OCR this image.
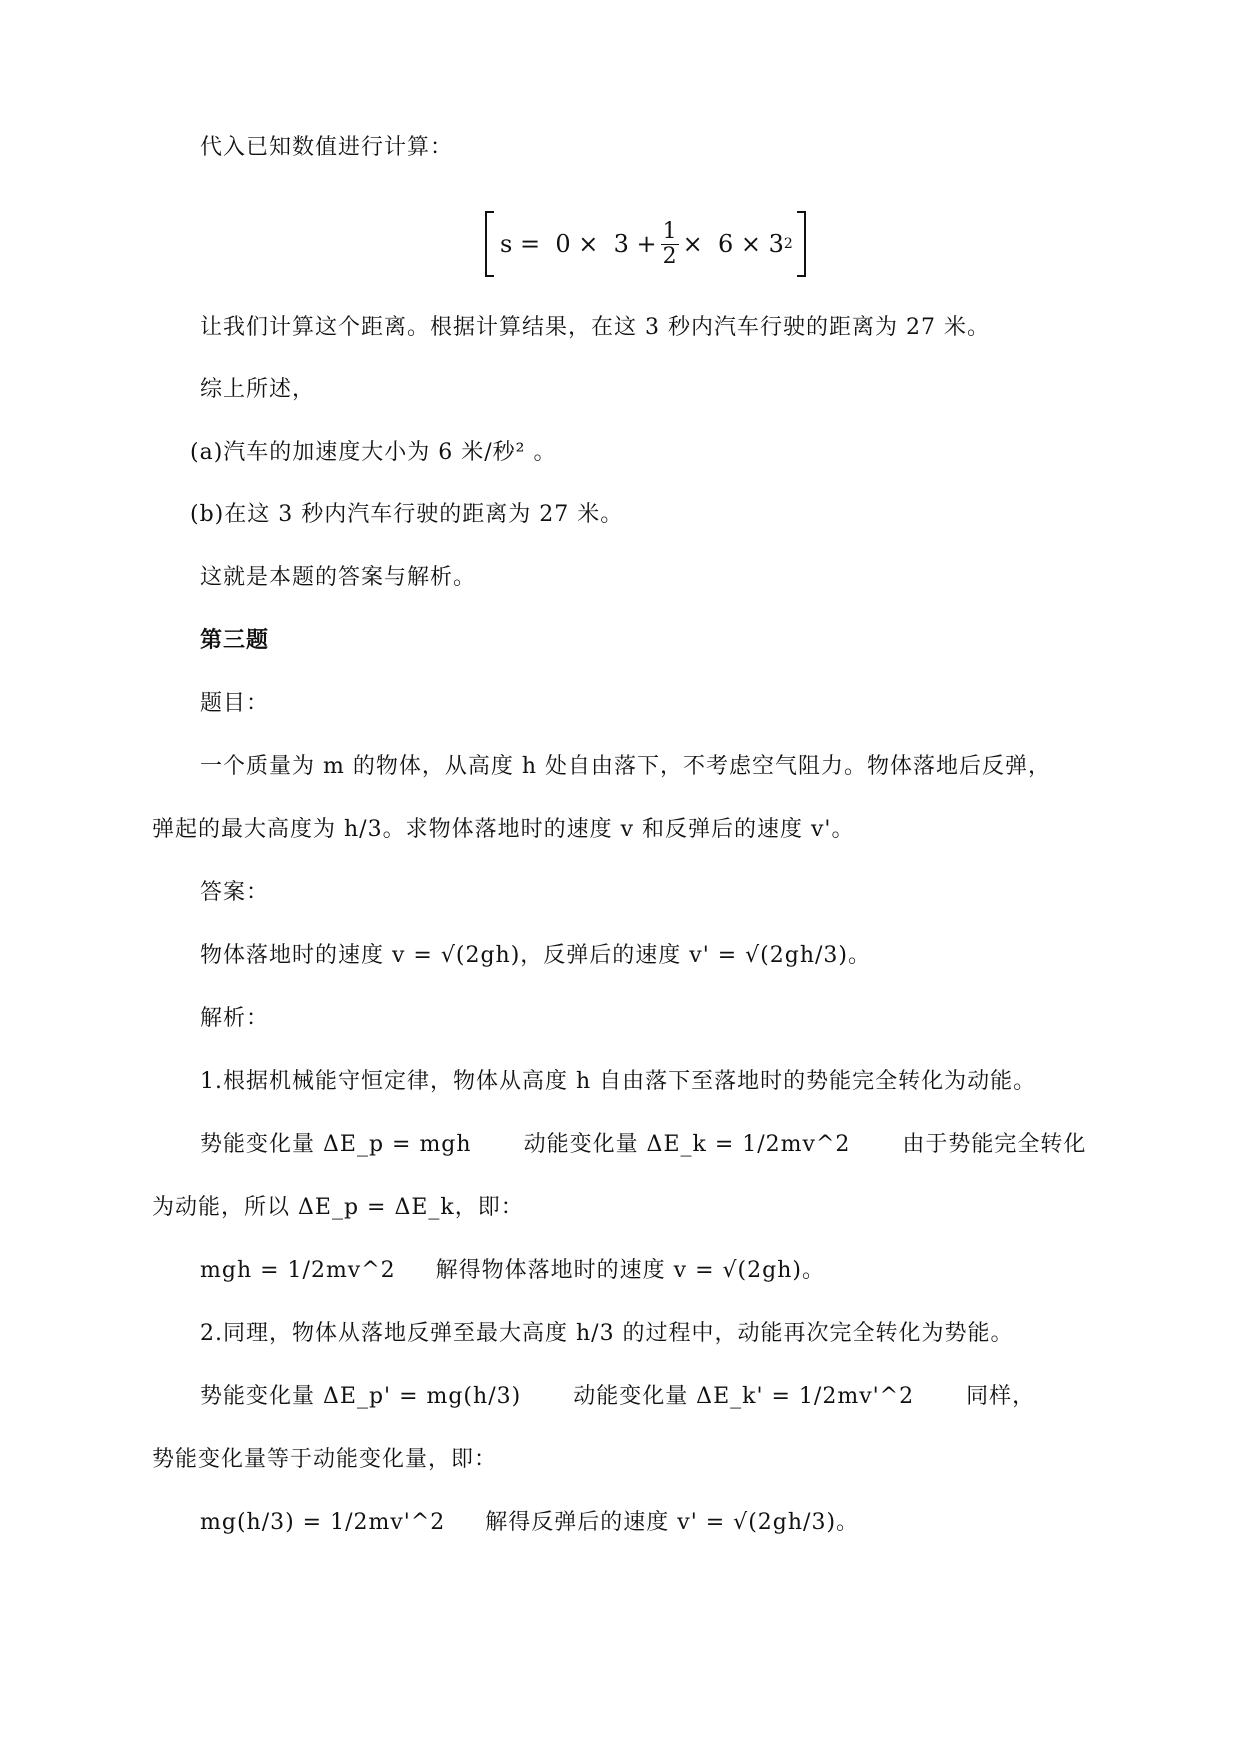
代入已知数值进行计算：
$s = 0 \times 3 + \frac{1}{2} \times 6 \times 3$ 2
让我们计算这个距离。根据计算结果，在这 3 秒内汽车行驶的距离为 27 米。
综上所述，
(a)汽车的加速度大小为 6 米/秒² 。
(b)在这 3 秒内汽车行驶的距离为 27 米。
这就是本题的答案与解析。
第三题
题目：
一个质量为 m 的物体，从高度 h 处自由落下，不考虑空气阻力。物体落地后反弹，
弹起的最大高度为 h/3。求物体落地时的速度 v 和反弹后的速度 v'。
答案：
物体落地时的速度 v = √(2gh)，反弹后的速度 v' = √(2gh/3)。
解析：
1.根据机械能守恒定律，物体从高度 h 自由落下至落地时的势能完全转化为动能。
势能变化量 ΔE_p = mgh 动能变化量 ΔE_k = 1/2mv^2 由于势能完全转化
为动能，所以 ΔE_p = ΔE_k，即：
mgh = 1/2mv^2 解得物体落地时的速度 v = √(2gh)。
2.同理，物体从落地反弹至最大高度 h/3 的过程中，动能再次完全转化为势能。
势能变化量 ΔE_p' = mg(h/3) 动能变化量 ΔE_k' = 1/2mv'^2 同样，
势能变化量等于动能变化量，即：
mg(h/3) = 1/2mv'^2 解得反弹后的速度 v' = √(2gh/3)。
